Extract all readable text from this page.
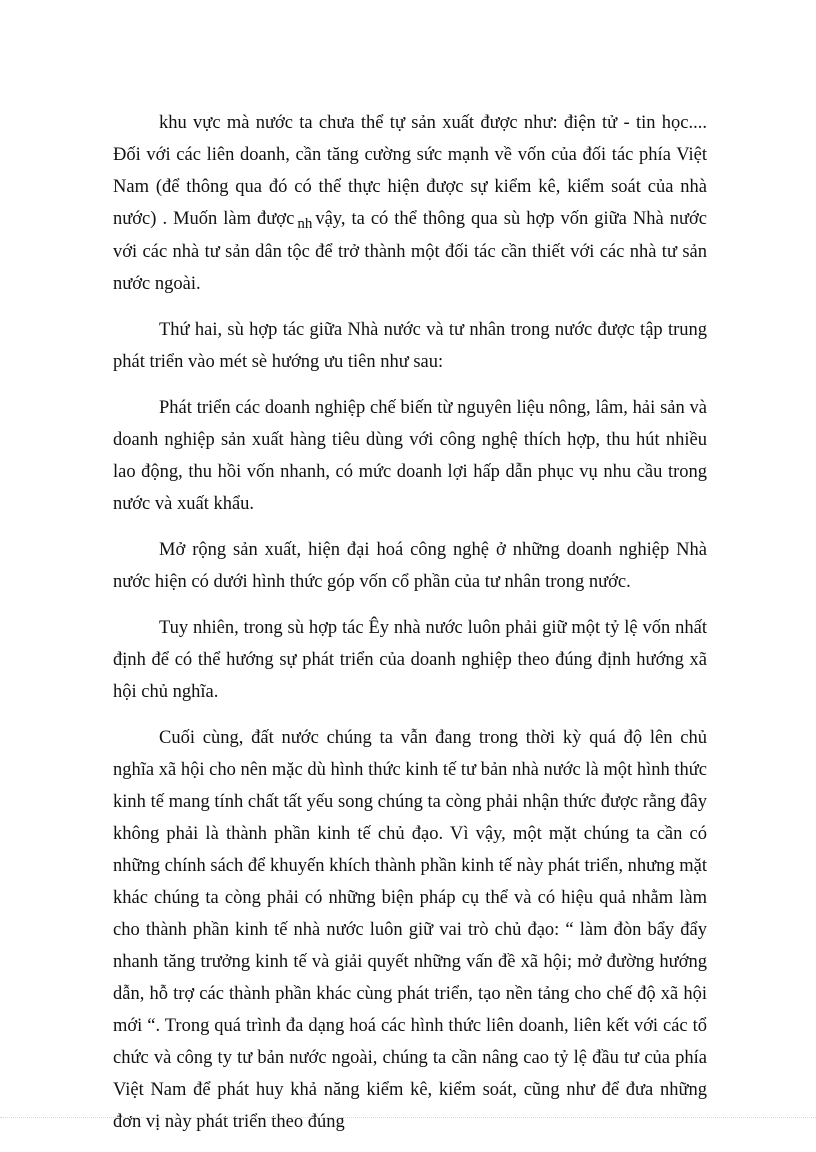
khu vực mà nước ta chưa thể tự sản xuất được như: điện tử - tin học.... Đối với các liên doanh, cần tăng cường sức mạnh về vốn của đối tác phía Việt Nam (để thông qua đó có thể thực hiện được sự kiểm kê, kiểm soát của nhà nước) . Muốn làm được $_{nh}$ vậy, ta có thể thông qua sù hợp vốn giữa Nhà nước với các nhà tư sản dân tộc để trở thành một đối tác cần thiết với các nhà tư sản nước ngoài.

Thứ hai, sù hợp tác giữa Nhà nước và tư nhân trong nước được tập trung phát triển vào mét sè hướng ưu tiên như sau:

Phát triển các doanh nghiệp chế biến từ nguyên liệu nông, lâm, hải sản và doanh nghiệp sản xuất hàng tiêu dùng với công nghệ thích hợp, thu hút nhiều lao động, thu hồi vốn nhanh, có mức doanh lợi hấp dẫn phục vụ nhu cầu trong nước và xuất khẩu.

Mở rộng sản xuất, hiện đại hoá công nghệ ở những doanh nghiệp Nhà nước hiện có dưới hình thức góp vốn cổ phần của tư nhân trong nước.

Tuy nhiên, trong sù hợp tác Êy nhà nước luôn phải giữ một tỷ lệ vốn nhất định để có thể hướng sự phát triển của doanh nghiệp theo đúng định hướng xã hội chủ nghĩa.

Cuối cùng, đất nước chúng ta vẫn đang trong thời kỳ quá độ lên chủ nghĩa xã hội cho nên mặc dù hình thức kinh tế tư bản nhà nước là một hình thức kinh tế mang tính chất tất yếu song chúng ta còng phải nhận thức được rằng đây không phải là thành phần kinh tế chủ đạo. Vì vậy, một mặt chúng ta cần có những chính sách để khuyến khích thành phần kinh tế này phát triển, nhưng mặt khác chúng ta còng phải có những biện pháp cụ thể và có hiệu quả nhằm làm cho thành phần kinh tế nhà nước luôn giữ vai trò chủ đạo: “ làm đòn bẩy đẩy nhanh tăng trưởng kinh tế và giải quyết những vấn đề xã hội; mở đường hướng dẫn, hỗ trợ các thành phần khác cùng phát triển, tạo nền tảng cho chế độ xã hội mới “. Trong quá trình đa dạng hoá các hình thức liên doanh, liên kết với các tổ chức và công ty tư bản nước ngoài, chúng ta cần nâng cao tỷ lệ đầu tư của phía Việt Nam để phát huy khả năng kiểm kê, kiểm soát, cũng như để đưa những đơn vị này phát triển theo đúng
